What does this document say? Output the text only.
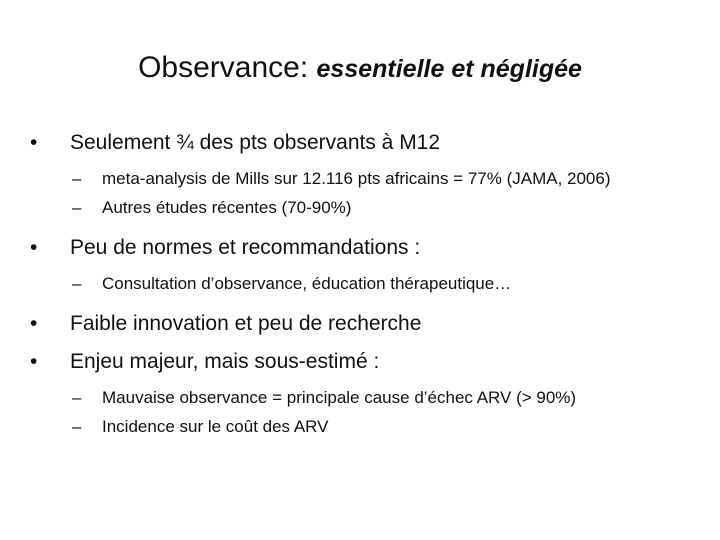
Observance: essentielle et négligée
• Seulement ¾ des pts observants à M12
– meta-analysis de Mills sur 12.116 pts africains = 77% (JAMA, 2006)
– Autres études récentes (70-90%)
• Peu de normes et recommandations :
– Consultation d’observance, éducation thérapeutique…
• Faible innovation et peu de recherche
• Enjeu majeur, mais sous-estimé :
– Mauvaise observance = principale cause d’échec ARV (> 90%)
– Incidence sur le coût des ARV
